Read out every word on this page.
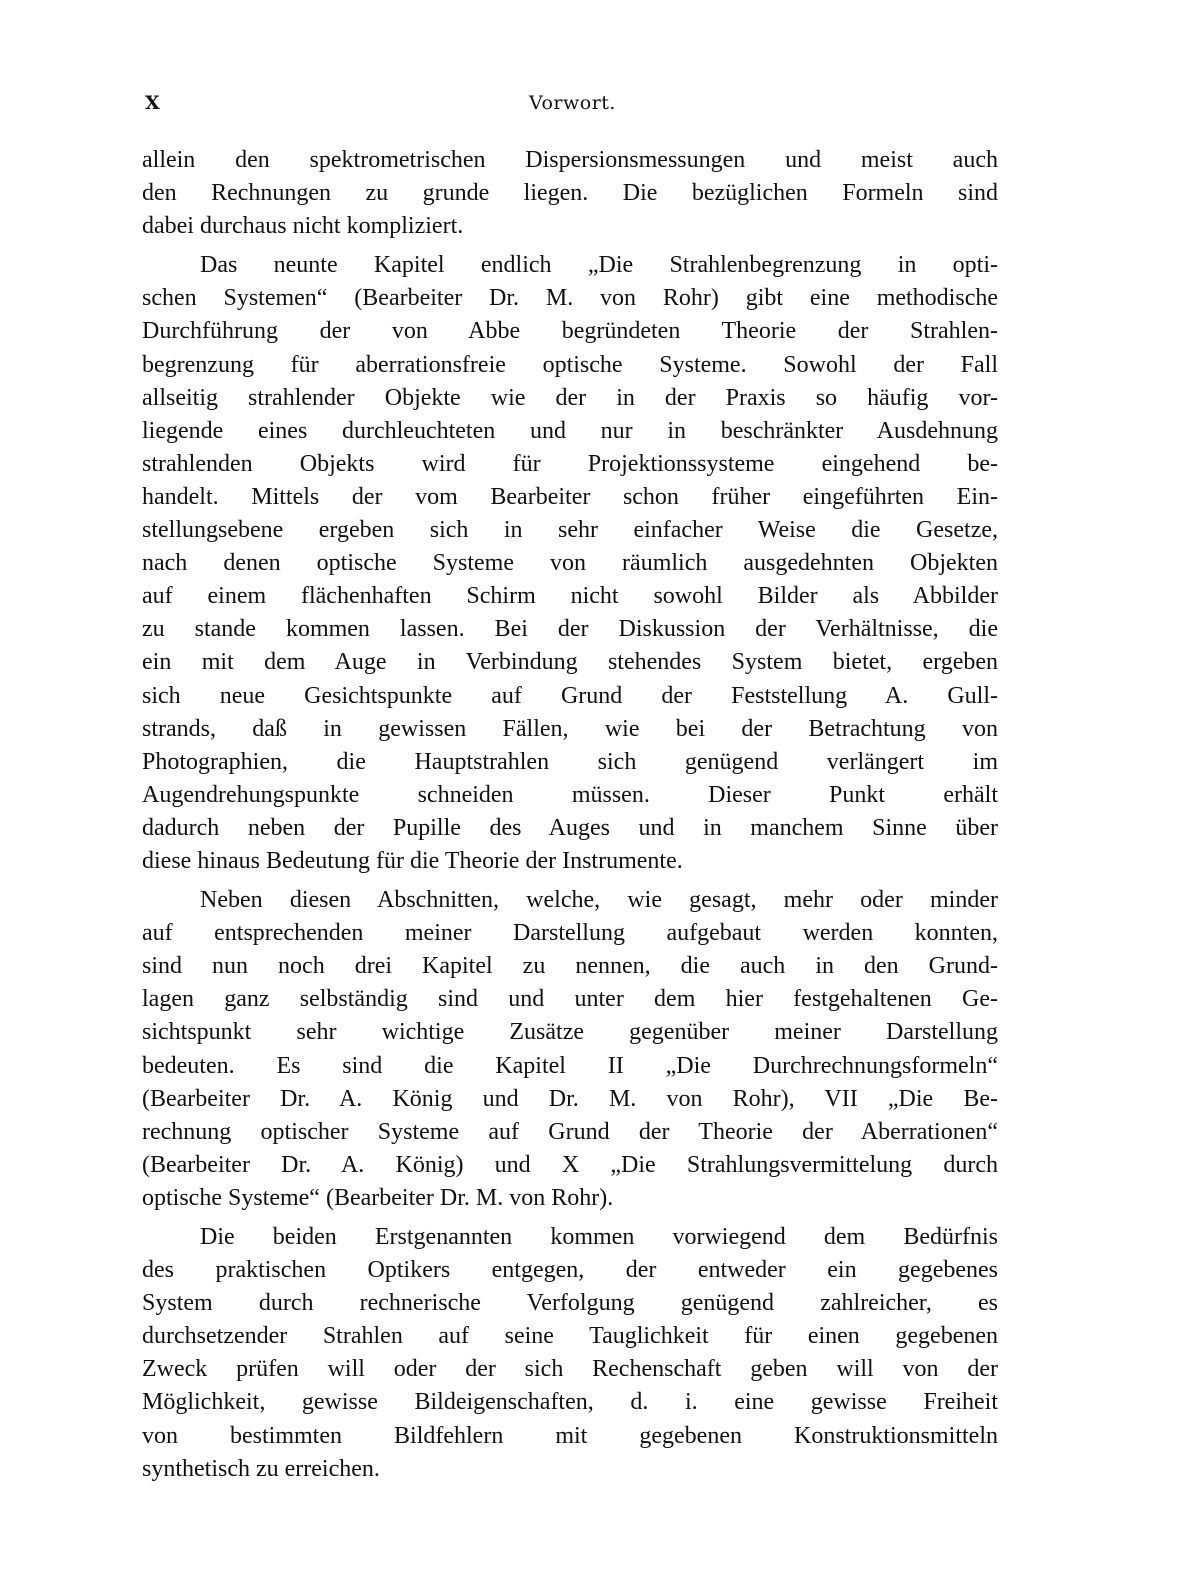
X	Vorwort.

allein den spektrometrischen Dispersionsmessungen und meist auch
den Rechnungen zu grunde liegen. Die bezüglichen Formeln sind
dabei durchaus nicht kompliziert.

Das neunte Kapitel endlich „Die Strahlenbegrenzung in opti-
schen Systemen“ (Bearbeiter Dr. M. von Rohr) gibt eine methodische
Durchführung der von Abbe begründeten Theorie der Strahlen-
begrenzung für aberrationsfreie optische Systeme. Sowohl der Fall
allseitig strahlender Objekte wie der in der Praxis so häufig vor-
liegende eines durchleuchteten und nur in beschränkter Ausdehnung
strahlenden Objekts wird für Projektionssysteme eingehend be-
handelt. Mittels der vom Bearbeiter schon früher eingeführten Ein-
stellungsebene ergeben sich in sehr einfacher Weise die Gesetze,
nach denen optische Systeme von räumlich ausgedehnten Objekten
auf einem flächenhaften Schirm nicht sowohl Bilder als Abbilder
zu stande kommen lassen. Bei der Diskussion der Verhältnisse, die
ein mit dem Auge in Verbindung stehendes System bietet, ergeben
sich neue Gesichtspunkte auf Grund der Feststellung A. Gull-
strands, daß in gewissen Fällen, wie bei der Betrachtung von
Photographien, die Hauptstrahlen sich genügend verlängert im
Augendrehungspunkte schneiden müssen. Dieser Punkt erhält
dadurch neben der Pupille des Auges und in manchem Sinne über
diese hinaus Bedeutung für die Theorie der Instrumente.

Neben diesen Abschnitten, welche, wie gesagt, mehr oder minder
auf entsprechenden meiner Darstellung aufgebaut werden konnten,
sind nun noch drei Kapitel zu nennen, die auch in den Grund-
lagen ganz selbständig sind und unter dem hier festgehaltenen Ge-
sichtspunkt sehr wichtige Zusätze gegenüber meiner Darstellung
bedeuten. Es sind die Kapitel II „Die Durchrechnungsformeln“
(Bearbeiter Dr. A. König und Dr. M. von Rohr), VII „Die Be-
rechnung optischer Systeme auf Grund der Theorie der Aberrationen“
(Bearbeiter Dr. A. König) und X „Die Strahlungsvermittelung durch
optische Systeme“ (Bearbeiter Dr. M. von Rohr).

Die beiden Erstgenannten kommen vorwiegend dem Bedürfnis
des praktischen Optikers entgegen, der entweder ein gegebenes
System durch rechnerische Verfolgung genügend zahlreicher, es
durchsetzender Strahlen auf seine Tauglichkeit für einen gegebenen
Zweck prüfen will oder der sich Rechenschaft geben will von der
Möglichkeit, gewisse Bildeigenschaften, d. i. eine gewisse Freiheit
von bestimmten Bildfehlern mit gegebenen Konstruktionsmitteln
synthetisch zu erreichen.
